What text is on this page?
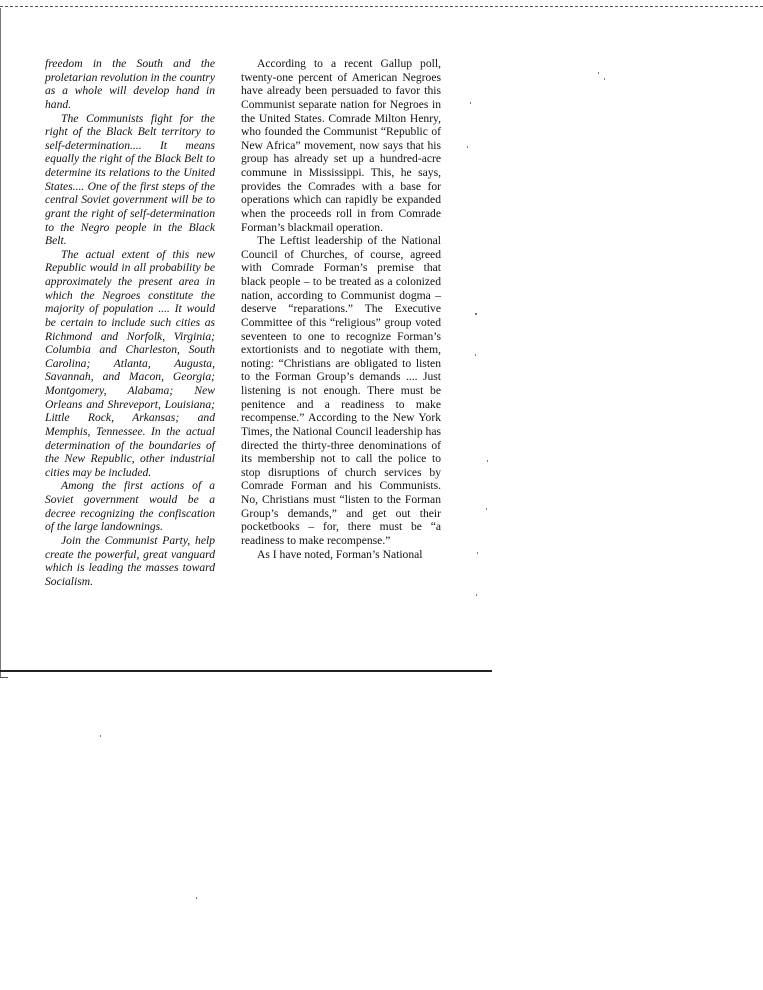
freedom in the South and the proletarian revolution in the country as a whole will develop hand in hand.

The Communists fight for the right of the Black Belt territory to self-determination.... It means equally the right of the Black Belt to determine its relations to the United States.... One of the first steps of the central Soviet government will be to grant the right of self-determination to the Negro people in the Black Belt.

The actual extent of this new Republic would in all probability be approximately the present area in which the Negroes constitute the majority of population .... It would be certain to include such cities as Richmond and Norfolk, Virginia; Columbia and Charleston, South Carolina; Atlanta, Augusta, Savannah, and Macon, Georgia; Montgomery, Alabama; New Orleans and Shreveport, Louisiana; Little Rock, Arkansas; and Memphis, Tennessee. In the actual determination of the boundaries of the New Republic, other industrial cities may be included.

Among the first actions of a Soviet government would be a decree recognizing the confiscation of the large landownings.

Join the Communist Party, help create the powerful, great vanguard which is leading the masses toward Socialism.

According to a recent Gallup poll, twenty-one percent of American Negroes have already been persuaded to favor this Communist separate nation for Negroes in the United States. Comrade Milton Henry, who founded the Communist “Republic of New Africa” movement, now says that his group has already set up a hundred-acre commune in Mississippi. This, he says, provides the Comrades with a base for operations which can rapidly be expanded when the proceeds roll in from Comrade Forman’s blackmail operation.

The Leftist leadership of the National Council of Churches, of course, agreed with Comrade Forman’s premise that black people – to be treated as a colonized nation, according to Communist dogma – deserve “reparations.” The Executive Committee of this “religious” group voted seventeen to one to recognize Forman’s extortionists and to negotiate with them, noting: “Christians are obligated to listen to the Forman Group’s demands .... Just listening is not enough. There must be penitence and a readiness to make recompense.” According to the New York Times, the National Council leadership has directed the thirty-three denominations of its membership not to call the police to stop disruptions of church services by Comrade Forman and his Communists. No, Christians must “listen to the Forman Group’s demands,” and get out their pocketbooks – for, there must be “a readiness to make recompense.”

As I have noted, Forman’s National
